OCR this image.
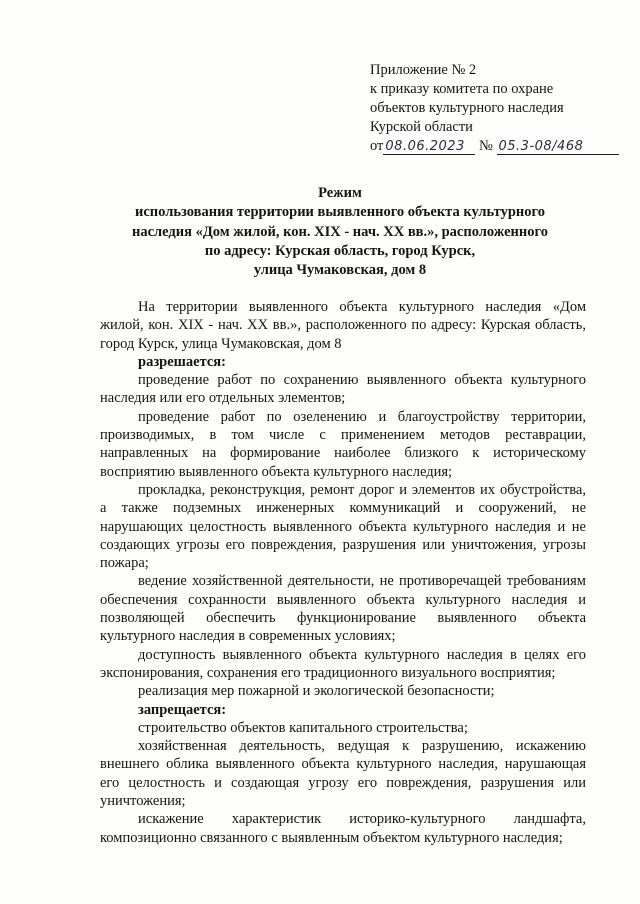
Приложение № 2
к приказу комитета по охране
объектов культурного наследия
Курской области
от 08.06.2023 № 05.3-08/468
Режим
использования территории выявленного объекта культурного
наследия «Дом жилой, кон. XIX - нач. XX вв.», расположенного
по адресу: Курская область, город Курск,
улица Чумаковская, дом 8

На территории выявленного объекта культурного наследия «Дом жилой, кон. XIX - нач. XX вв.», расположенного по адресу: Курская область, город Курск, улица Чумаковская, дом 8

разрешается:

проведение работ по сохранению выявленного объекта культурного наследия или его отдельных элементов;

проведение работ по озеленению и благоустройству территории, производимых, в том числе с применением методов реставрации, направленных на формирование наиболее близкого к историческому восприятию выявленного объекта культурного наследия;

прокладка, реконструкция, ремонт дорог и элементов их обустройства, а также подземных инженерных коммуникаций и сооружений, не нарушающих целостность выявленного объекта культурного наследия и не создающих угрозы его повреждения, разрушения или уничтожения, угрозы пожара;

ведение хозяйственной деятельности, не противоречащей требованиям обеспечения сохранности выявленного объекта культурного наследия и позволяющей обеспечить функционирование выявленного объекта культурного наследия в современных условиях;

доступность выявленного объекта культурного наследия в целях его экспонирования, сохранения его традиционного визуального восприятия;

реализация мер пожарной и экологической безопасности;

запрещается:

строительство объектов капитального строительства;

хозяйственная деятельность, ведущая к разрушению, искажению внешнего облика выявленного объекта культурного наследия, нарушающая его целостность и создающая угрозу его повреждения, разрушения или уничтожения;

искажение характеристик историко-культурного ландшафта, композиционно связанного с выявленным объектом культурного наследия;
